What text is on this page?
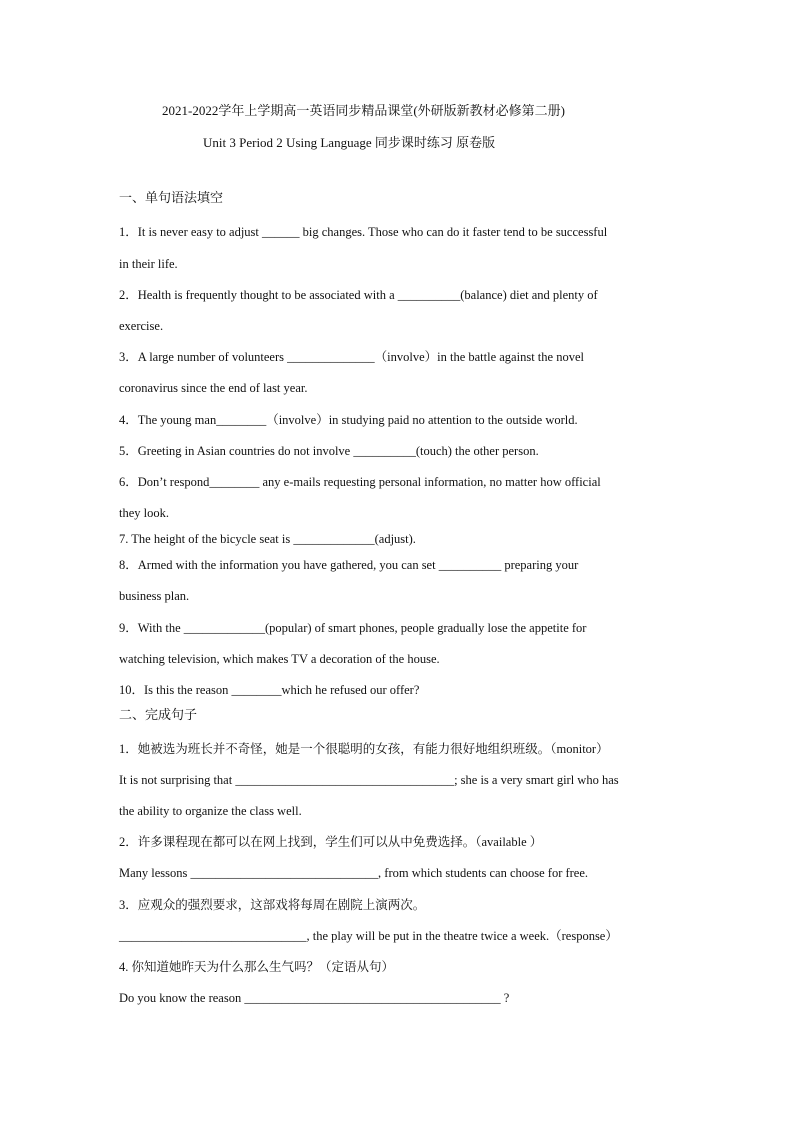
2021-2022学年上学期高一英语同步精品课堂(外研版新教材必修第二册)
Unit 3 Period 2 Using Language 同步课时练习 原卷版
一、单句语法填空
1．It is never easy to adjust ______ big changes. Those who can do it faster tend to be successful
in their life.
2．Health is frequently thought to be associated with a __________(balance) diet and plenty of
exercise.
3．A large number of volunteers ______________（involve）in the battle against the novel
coronavirus since the end of last year.
4．The young man________（involve）in studying paid no attention to the outside world.
5．Greeting in Asian countries do not involve __________(touch) the other person.
6．Don’t respond________ any e-mails requesting personal information, no matter how official
they look.
7. The height of the bicycle seat is _____________(adjust).
8．Armed with the information you have gathered, you can set __________ preparing your
business plan.
9．With the _____________(popular) of smart phones, people gradually lose the appetite for
watching television, which makes TV a decoration of the house.
10．Is this the reason ________which he refused our offer?
二、完成句子
1．她被选为班长并不奇怪，她是一个很聪明的女孩，有能力很好地组织班级。（monitor）
It is not surprising that ___________________________________; she is a very smart girl who has
the ability to organize the class well.
2．许多课程现在都可以在网上找到，学生们可以从中免费选择。（available ）
Many lessons ______________________________, from which students can choose for free.
3．应观众的强烈要求，这部戏将每周在剧院上演两次。
______________________________, the play will be put in the theatre twice a week.（response）
4. 你知道她昨天为什么那么生气吗？（定语从句）
Do you know the reason _________________________________________ ?
